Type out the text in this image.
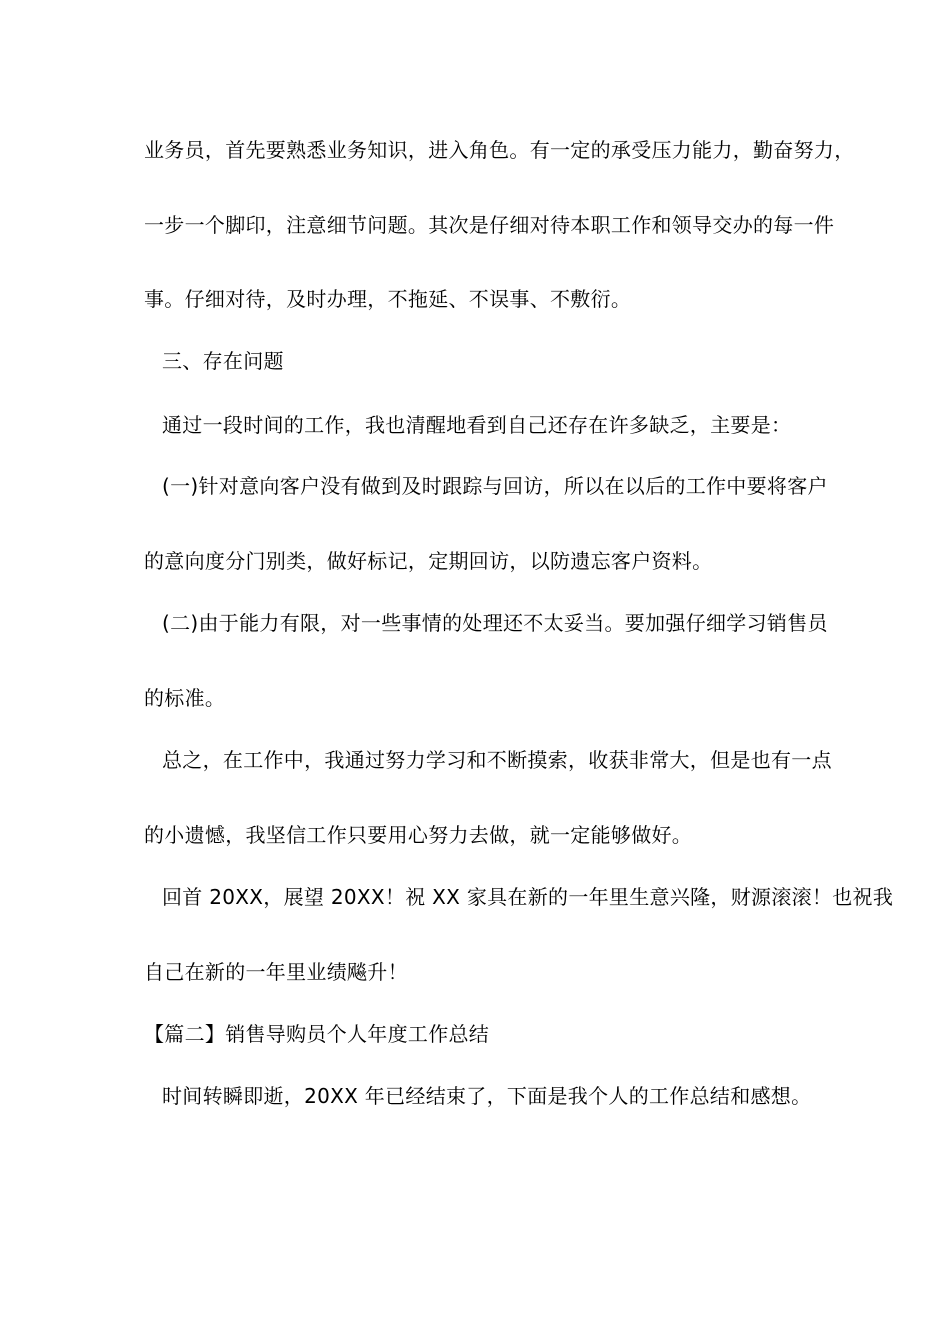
业务员，首先要熟悉业务知识，进入角色。有一定的承受压力能力，勤奋努力，
一步一个脚印，注意细节问题。其次是仔细对待本职工作和领导交办的每一件
事。仔细对待，及时办理，不拖延、不误事、不敷衍。
三、存在问题
通过一段时间的工作，我也清醒地看到自己还存在许多缺乏，主要是：
(一)针对意向客户没有做到及时跟踪与回访，所以在以后的工作中要将客户
的意向度分门别类，做好标记，定期回访，以防遗忘客户资料。
(二)由于能力有限，对一些事情的处理还不太妥当。要加强仔细学习销售员
的标准。
总之，在工作中，我通过努力学习和不断摸索，收获非常大，但是也有一点
的小遗憾，我坚信工作只要用心努力去做，就一定能够做好。
回首 20XX，展望 20XX！祝 XX 家具在新的一年里生意兴隆，财源滚滚！也祝我
自己在新的一年里业绩飚升！
【篇二】销售导购员个人年度工作总结
时间转瞬即逝，20XX 年已经结束了，下面是我个人的工作总结和感想。
